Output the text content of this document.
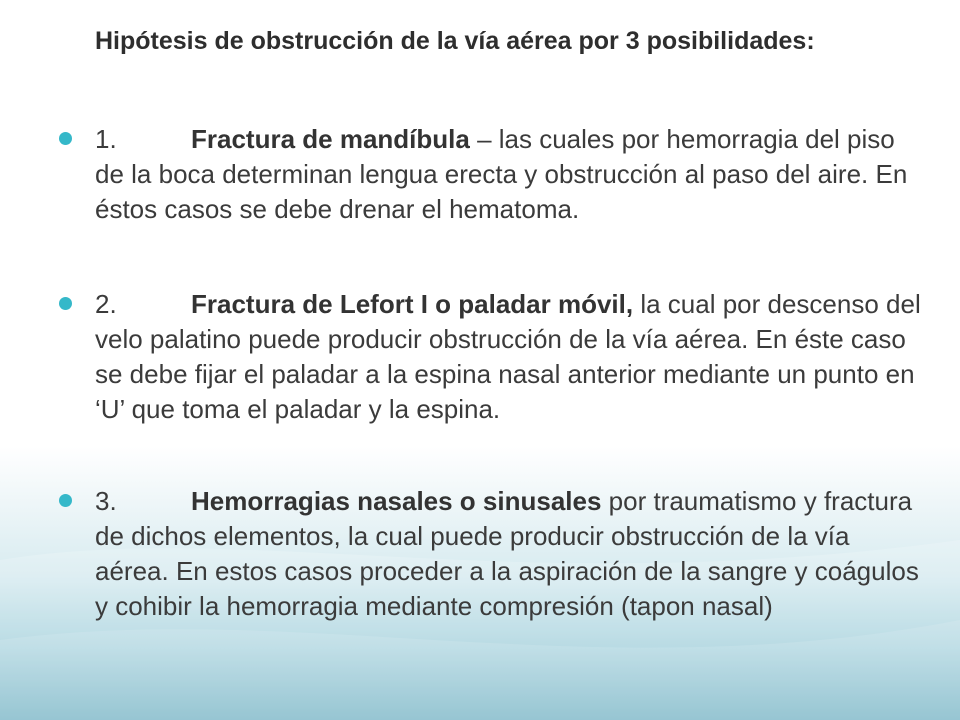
Hipótesis de obstrucción de la vía aérea por 3 posibilidades:
1.	Fractura de mandíbula – las cuales por hemorragia del piso de la boca determinan lengua erecta y obstrucción al paso del aire. En éstos casos se debe drenar el hematoma.
2.	Fractura de Lefort I o paladar móvil, la cual por descenso del velo palatino puede producir obstrucción de la vía aérea. En éste caso se debe fijar el paladar a la espina nasal anterior mediante un punto en ‘U’ que toma el paladar y la espina.
3.	Hemorragias nasales o sinusales por traumatismo y fractura de dichos elementos, la cual puede producir obstrucción de la vía aérea. En estos casos proceder a la aspiración de la sangre y coágulos y cohibir la hemorragia mediante compresión (tapon nasal)
